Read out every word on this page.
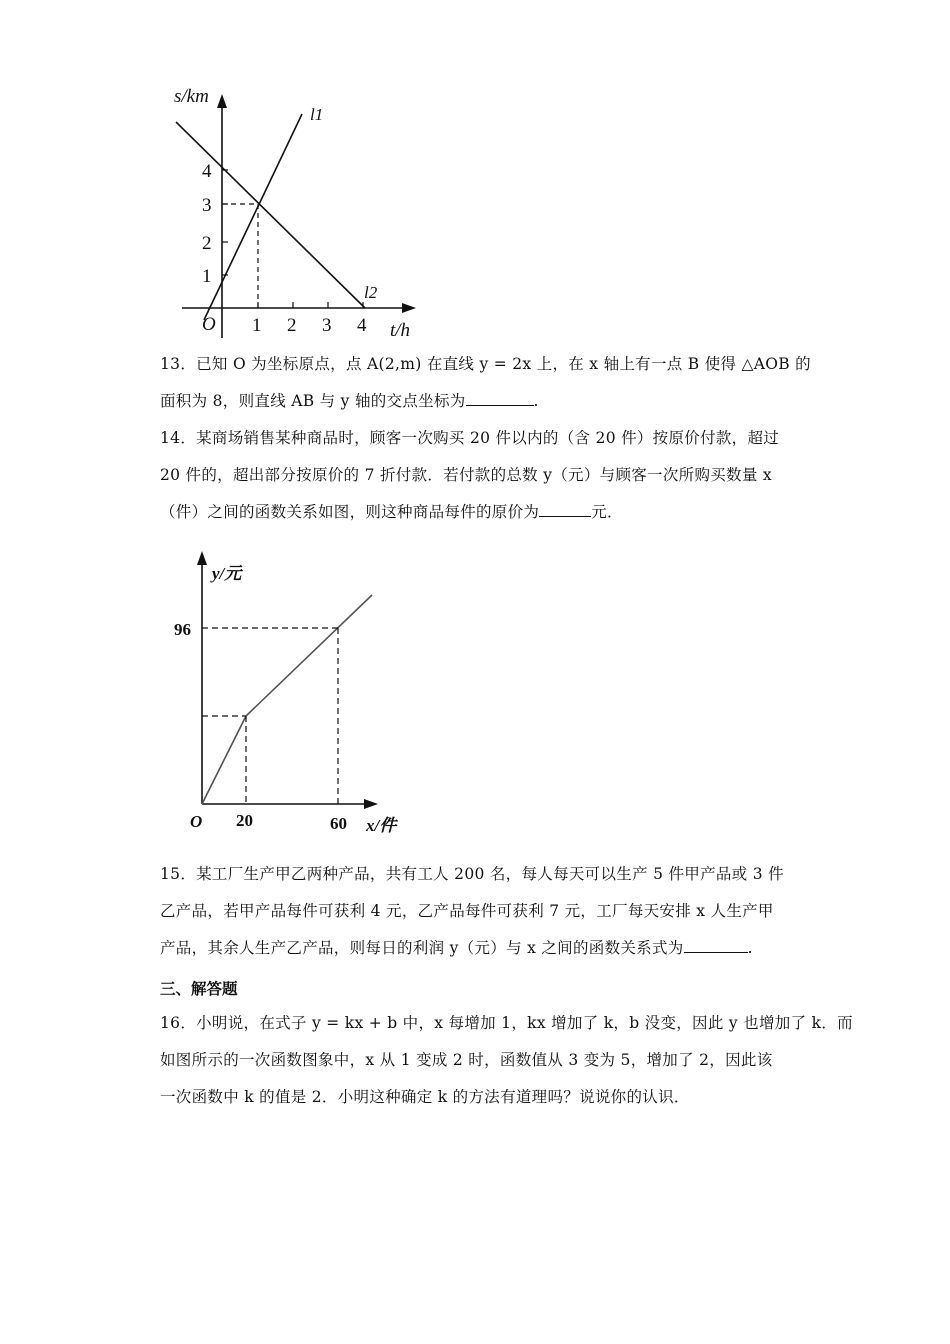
s/km
t/h
O
1
2
3
4
1 2 3 4
l1
l2

13．已知 O 为坐标原点，点 A(2,m) 在直线 y = 2x 上，在 x 轴上有一点 B 使得 △AOB 的

面积为 8，则直线 AB 与 y 轴的交点坐标为	.

14．某商场销售某种商品时，顾客一次购买 20 件以内的（含 20 件）按原价付款，超过

20 件的，超出部分按原价的 7 折付款．若付款的总数 y（元）与顾客一次所购买数量 x

（件）之间的函数关系如图，则这种商品每件的原价为	元．

y/元
96
O 20	60 x/件

15．某工厂生产甲乙两种产品，共有工人 200 名，每人每天可以生产 5 件甲产品或 3 件

乙产品，若甲产品每件可获利 4 元，乙产品每件可获利 7 元，工厂每天安排 x 人生产甲

产品，其余人生产乙产品，则每日的利润 y（元）与 x 之间的函数关系式为	.

三、解答题

16．小明说，在式子 y = kx + b 中，x 每增加 1，kx 增加了 k，b 没变，因此 y 也增加了 k．而

如图所示的一次函数图象中，x 从 1 变成 2 时，函数值从 3 变为 5，增加了 2，因此该

一次函数中 k 的值是 2．小明这种确定 k 的方法有道理吗？说说你的认识．
